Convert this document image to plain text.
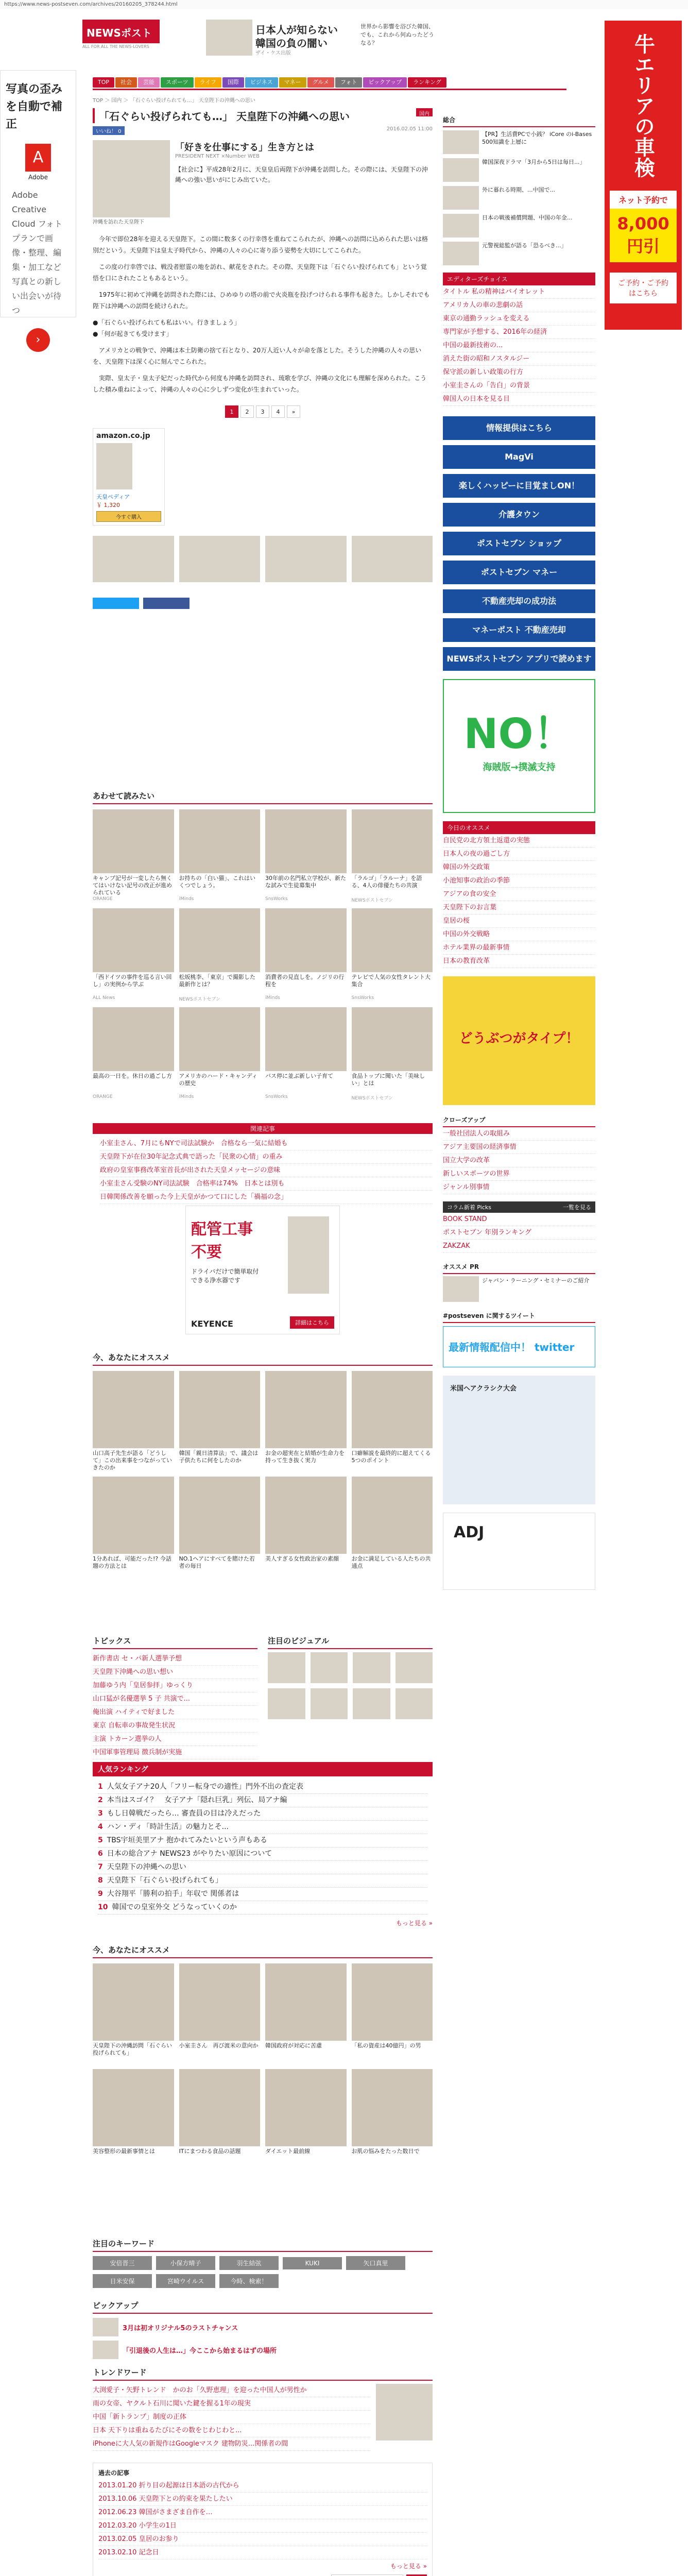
https://www.news-postseven.com/archives/20160205_378244.html
NEWSポスト
ALL FOR ALL THE NEWS-LOVERS
日本人が知らない
韓国の負の闇い
ザイ・ケス出版
世界から影響を浴びた韓国、でも、これから何ぬったどうなる？
TOP 社会 芸能 スポーツ ライフ 国際 ビジネス マネー グルメ フォト ピックアップ ランキング
TOP ＞ 国内 ＞ 「石ぐらい投げられても…」 天皇陛下の沖縄への思い
写真の歪みを自動で補正
A
Adobe
Adobe Creative Cloud フォトプランで画像・整理、編集・加工など写真との新しい出会いが待つ
›
牛エリアの車検
ネット予約で
8,000円引
ご予約・ご予約はこちら
「石ぐらい投げられても…」 天皇陛下の沖縄への思い	国内
いいね！ 0	2016.02.05 11:00
「好きを仕事にする」生き方とは
PRESIDENT NEXT ×Number WEB
【社会に】平成28年2月に、天皇皇后両陛下が沖縄を訪問した。その際には、天皇陛下の沖縄への強い思いがにじみ出ていた。
沖縄を訪れた天皇陛下
　今年で即位28年を迎える天皇陛下。この間に数多くの行幸啓を重ねてこられたが、沖縄への訪問に込められた思いは格別だという。天皇陛下は皇太子時代から、沖縄の人々の心に寄り添う姿勢を大切にしてこられた。
　この度の行幸啓では、戦没者慰霊の地を訪れ、献花をされた。その際、天皇陛下は「石ぐらい投げられても」という覚悟を口にされたこともあるという。
　1975年に初めて沖縄を訪問された際には、ひめゆりの塔の前で火炎瓶を投げつけられる事件も起きた。しかしそれでも陛下は沖縄への訪問を続けられた。
●「石ぐらい投げられても私はいい。行きましょう」
●「何が起きても受けます」
　アメリカとの戦争で、沖縄は本土防衛の捨て石となり、20万人近い人々が命を落とした。そうした沖縄の人々の思いを、天皇陛下は深く心に刻んでこられた。
　実際、皇太子・皇太子妃だった時代から何度も沖縄を訪問され、琉歌を学び、沖縄の文化にも理解を深められた。こうした積み重ねによって、沖縄の人々の心に少しずつ変化が生まれていった。
1 2 3 4 »
amazon.co.jp
天皇ペディア
￥ 1,320
今すぐ購入
あわせて読みたい
キャンプ記号が一変したら無くてはいけない記号の改正が進められている
ORANGE
お持ちの「白い猫」、これはいくつでしょう。
iMinds
30年前の名門私立学校が、新たな試みで生徒募集中
SnsWorks
「ラルゴ」「ラルーナ」を語る、4人の俳優たちの共演
NEWSポストセブン
「西ドイツの事件を巡る言い回し」の実例から学ぶ
ALL News
松坂桃李、「東京」で撮影した最新作とは？
NEWSポストセブン
消費者の見直しを。ノジリの行程を
iMinds
テレビで人気の女性タレント大集合
SnsWorks
最高の一日を。休日の過ごし方
ORANGE
アメリカのハード・キャンディの歴史
iMinds
バス停に並ぶ新しい子育て
SnsWorks
食品トップに聞いた「美味しい」とは
NEWSポストセブン
関連記事
小室圭さん、7月にもNYで司法試験か　合格なら一気に結婚も
天皇陛下が在位30年記念式典で語った「民衆の心情」の重み
政府の皇室事務改革室首長が出された天皇メッセージの意味
小室圭さん受験のNY司法試験　合格率は74%　日本とは別も
日韓関係改善を願った今上天皇がかつて口にした「禍福の念」
配管工事
不要
ドライバだけで簡単取付できる浄水器です
KEYENCE	詳細はこちら
今、あなたにオススメ
山口高子先生が語る「どうして」この出来事をつながっていきたのか
韓国「親日清算法」で、議会は子供たちに何をしたのか
お金の超実在と結婚が生命力を持って生き抜く実力
口癖解説を最終的に超えてくる5つのポイント
1分あれば、可能だった!? 今話題の方法とは
NO.1ヘアにすべてを賭けた若者の毎日
美人すぎる女性政治家の素顔	お金に満足している人たちの共通点
トピックス
新作書店 セ・パ新人選挙予想
天皇陛下沖縄への思い想い
加藤ゆう内「皇居参拝」ゆっくり
山口猛が名優選挙 5 子 共演で...
俺出演 ハイティで好ました
東京 自転車の事故発生状況
主演 トカーン選挙の人
中国軍事管理局 徴兵制が実施
注目のビジュアル
人気ランキング
1 人気女子アナ20人「フリー転身での適性」門外不出の査定表
2 本当はスゴイ？　女子アナ「隠れ巨乳」列伝、局アナ編
3 もし日韓戦だったら… 審査員の目は冷えだった
4 ハン・ディ「時計生活」の魅力とそ...
5 TBS宇垣美里アナ 抱かれてみたいという声もある
6 日本の総合アナ NEWS23 がやりたい原因について
7 天皇陛下の沖縄への思い
8 天皇陛下「石ぐらい投げられても」
9 大谷翔平「勝利の拍手」年収で 関係者は
10 韓国での皇室外交 どうなっていくのか
もっと見る »
今、あなたにオススメ
天皇陛下の沖縄訪問「石ぐらい投げられても」
小室圭さん　再び渡米の意向か	韓国政府が対応に苦慮	「私の資産は40億円」の男
美容整形の最新事情とは	ITにまつわる食品の話題	ダイエット最前線	お肌の悩みをたった数日で
注目のキーワード
安倍晋三	小保方晴子	羽生結弦	KUKI	矢口真里日米安保	宮崎ウイルス	今時、検索！
ピックアップ
3月は初オリジナル5のラストチャンス
「引退後の人生は…」今ここから始まるはずの場所
トレンドワード
大渕愛子・矢野トレンド　かのお「久野恵理」を迎った中国人が男性か
雨の女帝、ヤクルト石川に聞いた鍵を握る1年の現実
中国「新トランプ」制度の正体
日本 天下りは重ねるたびにその数をじわじわと...
iPhoneに大人気の新規作はGoogleマスク 建物防災...関係者の間
過去の記事
2013.01.20 折り目の起源は日本語の古代から
2013.10.06 天皇陛下との約束を果たしたい
2012.06.23 韓国がさまざま自作を…
2012.03.20 小学生の1日
2013.02.05 皇居のお参り
2013.02.10 記念日
もっと見る »
総合
【PR】生活費PCで小銭？ iCore のi-Bases 500知識を上層に
韓国深夜ドラマ「3月から5日は毎日...」
外に暮れる時期、...中国で...
日本の戦後補償問題、中国の年金...
元警視総監が語る「恐るべき...」
エディターズチョイス
タイトル 私の精神はバイオレット
アメリカ人の車の悲劇の話
東京の通勤ラッシュを変える
専門家が予想する、2016年の経済
中国の最新技術の...
消えた街の昭和ノスタルジー
保守派の新しい政策の行方
小室圭さんの「告白」の背景
韓国人の日本を見る目
情報提供はこちら
MagVi
楽しくハッピーに目覚ましON！
介護タウン
ポストセブン ショップ
ポストセブン マネー
不動産売却の成功法
マネーポスト 不動産売却
NEWSポストセブン アプリで読めます
NO！
海賊版→撲滅支持
今日のオススメ
自民党の北方領土返還の実態
日本人の夜の過ごし方
韓国の外交政策
小池知事の政治の季節
アジアの食の安全
天皇陛下のお言葉
皇居の桜
中国の外交戦略
ホテル業界の最新事情
日本の教育改革
どうぶつがタイプ！
クローズアップ
一般社団法人の取組み
アジア主要国の経済事情
国立大学の改革
新しいスポーツの世界
ジャンル別事情
コラム新着 Picks	一覧を見る
BOOK STAND
ポストセブン 年別ランキング
ZAKZAK
オススメ PR
ジャパン・ラーニング・セミナーのご紹介
#postseven に関するツイート
最新情報配信中！ twitter
米国ヘアクラシク大会
ADJ
